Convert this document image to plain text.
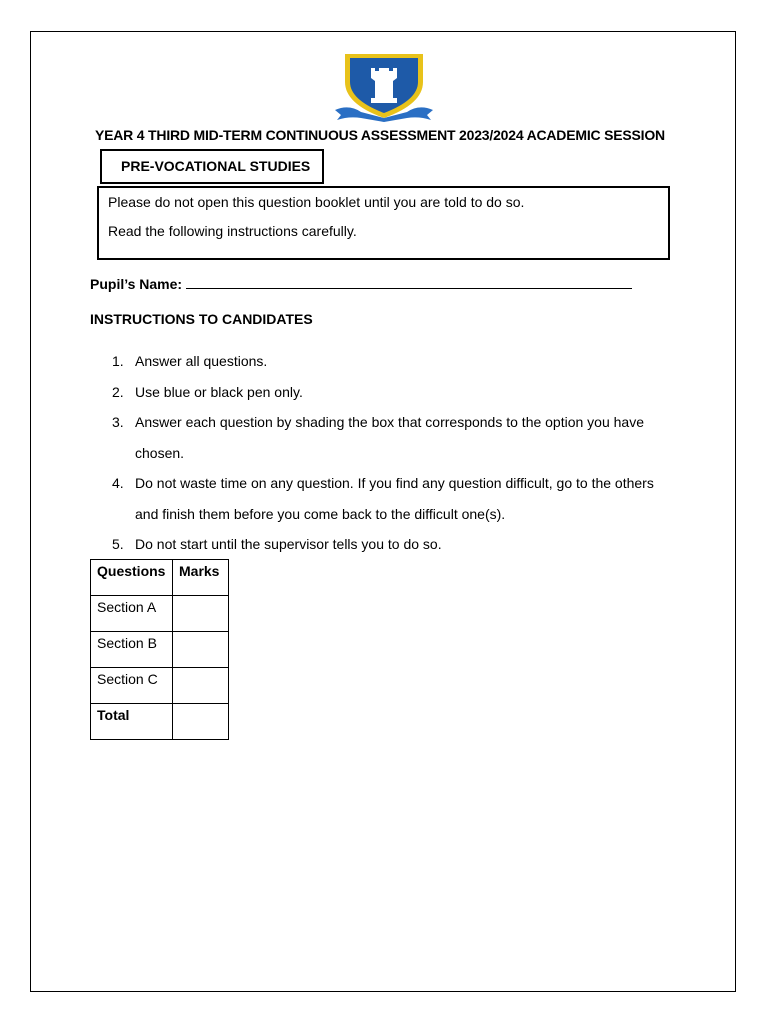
YEAR 4 THIRD MID-TERM CONTINUOUS ASSESSMENT 2023/2024 ACADEMIC SESSION
PRE-VOCATIONAL STUDIES

Please do not open this question booklet until you are told to do so.

Read the following instructions carefully.

Pupil’s Name:
INSTRUCTIONS TO CANDIDATES
1. Answer all questions.
2. Use blue or black pen only.
3. Answer each question by shading the box that corresponds to the option you have chosen.
4. Do not waste time on any question. If you find any question difficult, go to the others and finish them before you come back to the difficult one(s).
5. Do not start until the supervisor tells you to do so.
Questions	Marks
Section A	
Section B	
Section C	
Total	
